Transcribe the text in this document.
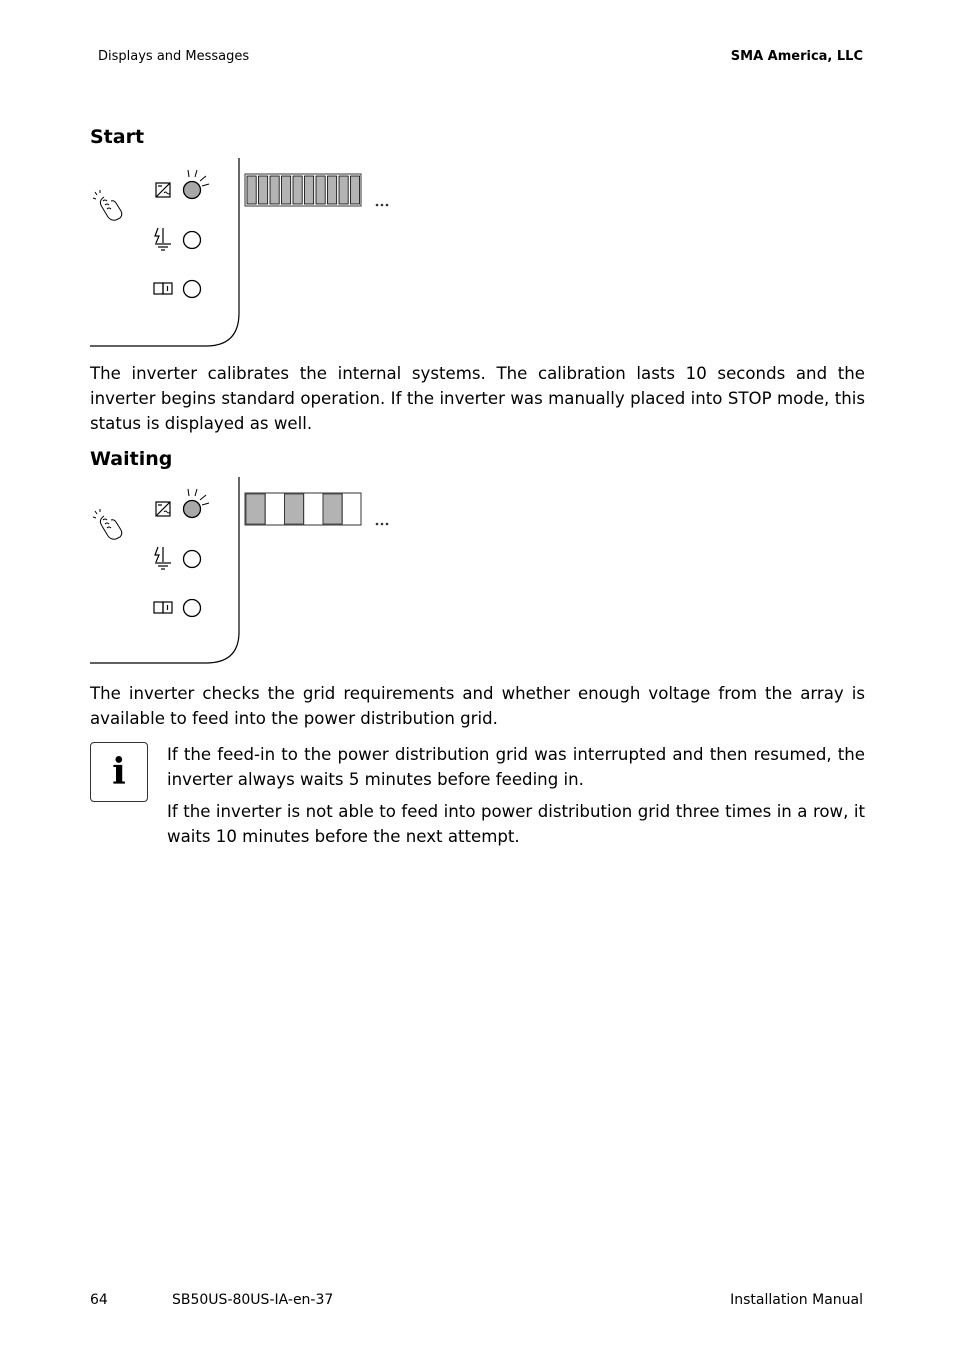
Displays and Messages	SMA America, LLC
Start

The inverter calibrates the internal systems. The calibration lasts 10 seconds and the inverter begins standard operation. If the inverter was manually placed into STOP mode, this status is displayed as well.

Waiting

The inverter checks the grid requirements and whether enough voltage from the array is available to feed into the power distribution grid.

i If the feed-in to the power distribution grid was interrupted and then resumed, the inverter always waits 5 minutes before feeding in.

If the inverter is not able to feed into power distribution grid three times in a row, it waits 10 minutes before the next attempt.

64	SB50US-80US-IA-en-37	Installation Manual
